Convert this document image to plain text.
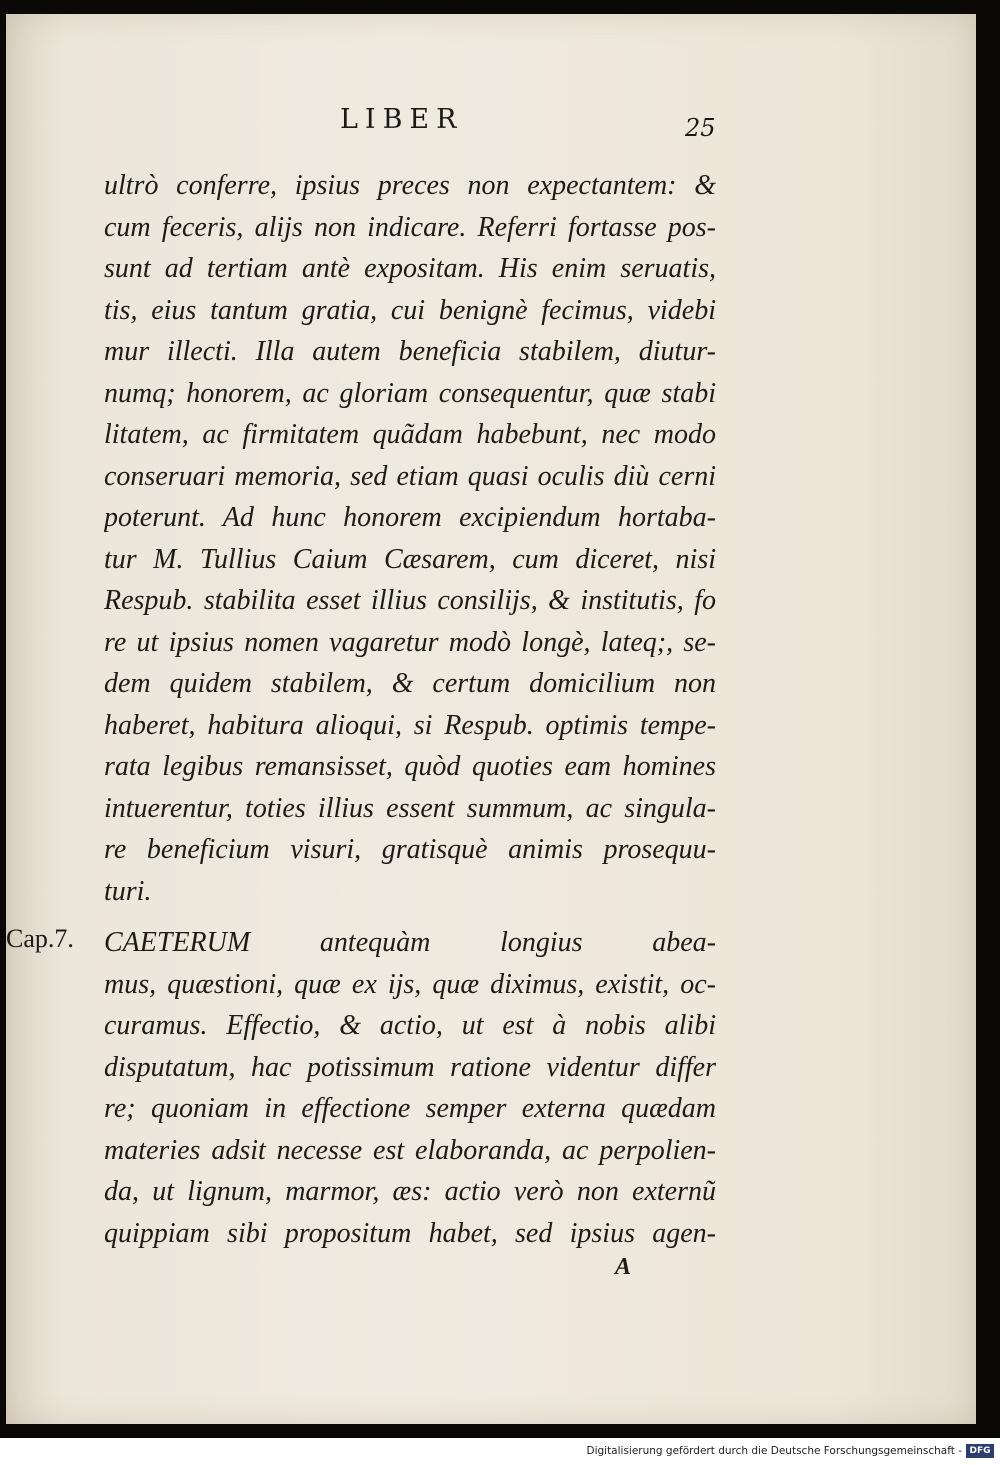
LIBER	25
ultrò conferre, ipsius preces non expectantem: &
cum feceris, alijs non indicare. Referri fortasse pos-
sunt ad tertiam antè expositam. His enim seruatis,
tis, eius tantum gratia, cui benignè fecimus, videbi
mur illecti. Illa autem beneficia stabilem, diutur-
numq; honorem, ac gloriam consequentur, quæ stabi
litatem, ac firmitatem quãdam habebunt, nec modo
conseruari memoria, sed etiam quasi oculis diù cerni
poterunt. Ad hunc honorem excipiendum hortaba-
tur M. Tullius Caium Cæsarem, cum diceret, nisi
Respub. stabilita esset illius consilijs, & institutis, fo
re ut ipsius nomen vagaretur modò longè, lateq;, se-
dem quidem stabilem, & certum domicilium non
haberet, habitura alioqui, si Respub. optimis tempe-
rata legibus remansisset, quòd quoties eam homines
intuerentur, toties illius essent summum, ac singula-
re beneficium visuri, gratisquè animis prosequu-
turi.
CAETERUM antequàm longius abea-
mus, quæstioni, quæ ex ijs, quæ diximus, existit, oc-
curamus. Effectio, & actio, ut est à nobis alibi
disputatum, hac potissimum ratione videntur differ
re; quoniam in effectione semper externa quædam
materies adsit necesse est elaboranda, ac perpolien-
da, ut lignum, marmor, æs: actio verò non externũ
quippiam sibi propositum habet, sed ipsius agen-
Cap.7.
A
Digitalisierung gefördert durch die Deutsche Forschungsgemeinschaft - DFG
